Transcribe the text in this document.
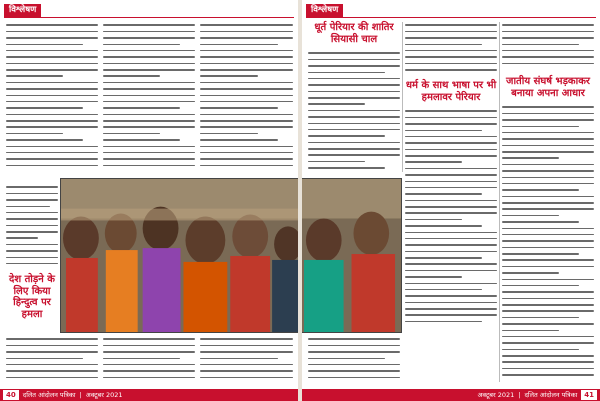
विश्लेषण
देश तोड़ने के लिए किया हिन्दुत्व पर हमला
40	दलित आंदोलन पत्रिका | अक्टूबर 2021
विश्लेषण
धूर्त पेरियार की शातिर सियासी चाल
धर्म के साथ भाषा पर भी हमलावर पेरियार
जातीय संघर्ष भड़काकर बनाया अपना आधार
अक्टूबर 2021 | दलित आंदोलन पत्रिका	41
